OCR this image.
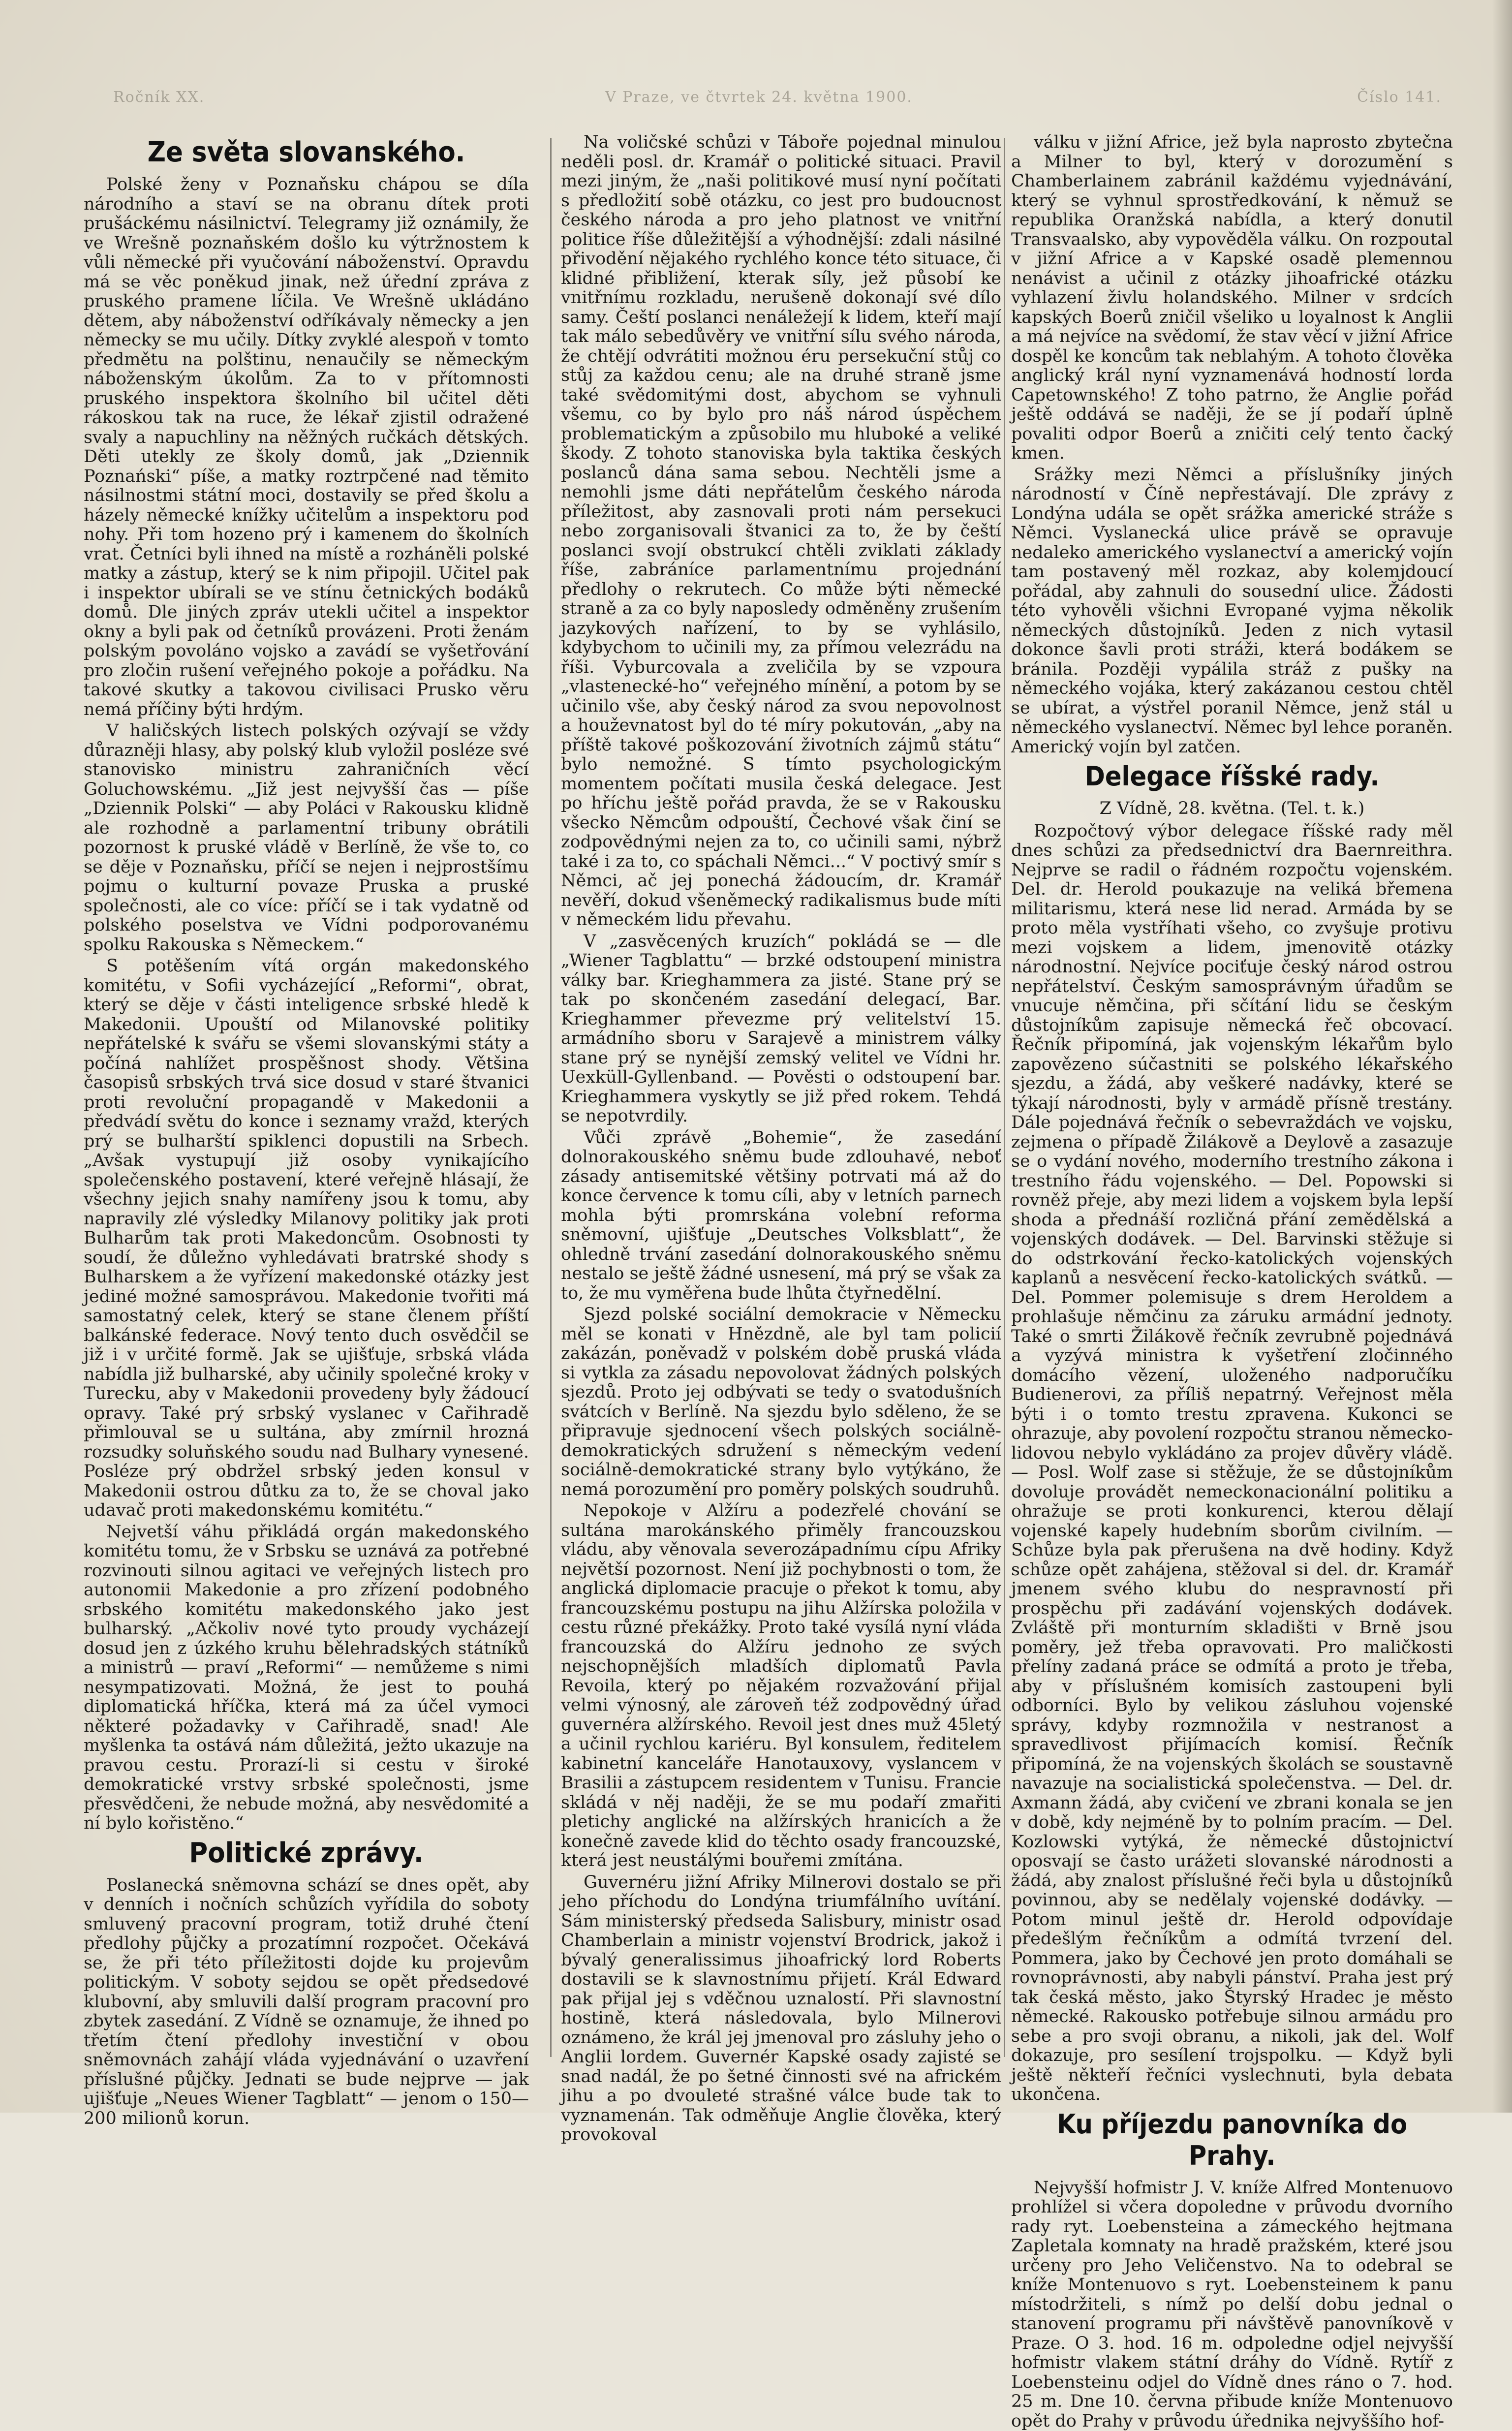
Ročník XX.	V Praze, ve čtvrtek 24. května 1900.	Číslo 141.
Ze světa slovanského.

Polské ženy v Poznaňsku chápou se díla národního a staví se na obranu dítek proti prušáckému násilnictví. Telegramy již oznámily, že ve Wrešně poznaňském došlo ku výtržnostem k vůli německé při vyučování náboženství. Opravdu má se věc poněkud jinak, než úřední zpráva z pruského pramene líčila. Ve Wrešně ukládáno dětem, aby náboženství odříkávaly německy a jen německy se mu učily. Dítky zvyklé alespoň v tomto předmětu na polštinu, nenaučily se německým náboženským úkolům. Za to v přítomnosti pruského inspektora školního bil učitel děti rákoskou tak na ruce, že lékař zjistil odražené svaly a napuchliny na něžných ručkách dětských. Děti utekly ze školy domů, jak „Dziennik Poznański“ píše, a matky roztrpčené nad těmito násilnostmi státní moci, dostavily se před školu a házely německé knížky učitelům a inspektoru pod nohy. Při tom hozeno prý i kamenem do školních vrat. Četníci byli ihned na místě a rozháněli polské matky a zástup, který se k nim připojil. Učitel pak i inspektor ubírali se ve stínu četnických bodáků domů. Dle jiných zpráv utekli učitel a inspektor okny a byli pak od četníků provázeni. Proti ženám polským povoláno vojsko a zavádí se vyšetřování pro zločin rušení veřejného pokoje a pořádku. Na takové skutky a takovou civilisaci Prusko věru nemá příčiny býti hrdým.

V haličských listech polských ozývají se vždy důrazněji hlasy, aby polský klub vyložil posléze své stanovisko ministru zahraničních věcí Goluchowskému. „Již jest nejvyšší čas — píše „Dziennik Polski“ — aby Poláci v Rakousku klidně ale rozhodně a parlamentní tribuny obrátili pozornost k pruské vládě v Berlíně, že vše to, co se děje v Poznaňsku, příčí se nejen i nejprostšímu pojmu o kulturní povaze Pruska a pruské společnosti, ale co více: příčí se i tak vydatně od polského poselstva ve Vídni podporovanému spolku Rakouska s Německem.“

S potěšením vítá orgán makedonského komitétu, v Sofii vycházející „Reformi“, obrat, který se děje v části inteligence srbské hledě k Makedonii. Upouští od Milanovské politiky nepřátelské k svářu se všemi slovanskými státy a počíná nahlížet prospěšnost shody. Většina časopisů srbských trvá sice dosud v staré štvanici proti revoluční propagandě v Makedonii a předvádí světu do konce i seznamy vražd, kterých prý se bulharští spiklenci dopustili na Srbech. „Avšak vystupují již osoby vynikajícího společenského postavení, které veřejně hlásají, že všechny jejich snahy namířeny jsou k tomu, aby napravily zlé výsledky Milanovy politiky jak proti Bulharům tak proti Makedoncům. Osobnosti ty soudí, že důležno vyhledávati bratrské shody s Bulharskem a že vyřízení makedonské otázky jest jediné možné samosprávou. Makedonie tvořiti má samostatný celek, který se stane členem příští balkánské federace. Nový tento duch osvědčil se již i v určité formě. Jak se ujišťuje, srbská vláda nabídla již bulharské, aby učinily společné kroky v Turecku, aby v Makedonii provedeny byly žádoucí opravy. Také prý srbský vyslanec v Cařihradě přimlouval se u sultána, aby zmírnil hrozná rozsudky soluňského soudu nad Bulhary vynesené. Posléze prý obdržel srbský jeden konsul v Makedonii ostrou důtku za to, že se choval jako udavač proti makedonskému komitétu.“

Nejvetší váhu přikládá orgán makedonského komitétu tomu, že v Srbsku se uznává za potřebné rozvinouti silnou agitaci ve veřejných listech pro autonomii Makedonie a pro zřízení podobného srbského komitétu makedonského jako jest bulharský. „Ačkoliv nové tyto proudy vycházejí dosud jen z úzkého kruhu bělehradských státníků a ministrů — praví „Reformi“ — nemůžeme s nimi nesympatizovati. Možná, že jest to pouhá diplomatická hříčka, která má za účel vymoci některé požadavky v Cařihradě, snad! Ale myšlenka ta ostává nám důležitá, ježto ukazuje na pravou cestu. Prorazí-li si cestu v široké demokratické vrstvy srbské společnosti, jsme přesvědčeni, že nebude možná, aby nesvědomité a ní bylo kořistěno.“

Politické zprávy.

Poslanecká sněmovna schází se dnes opět, aby v denních i nočních schůzích vyřídila do soboty smluvený pracovní program, totiž druhé čtení předlohy půjčky a prozatímní rozpočet. Očekává se, že při této příležitosti dojde ku projevům politickým. V soboty sejdou se opět předsedové klubovní, aby smluvili další program pracovní pro zbytek zasedání. Z Vídně se oznamuje, že ihned po třetím čtení předlohy investiční v obou sněmovnách zahájí vláda vyjednávání o uzavření příslušné půjčky. Jednati se bude nejprve — jak ujišťuje „Neues Wiener Tagblatt“ — jenom o 150—200 milionů korun.

Na voličské schůzi v Táboře pojednal minulou neděli posl. dr. Kramář o politické situaci. Pravil mezi jiným, že „naši politikové musí nyní počítati s předložití sobě otázku, co jest pro budoucnost českého národa a pro jeho platnost ve vnitřní politice říše důležitější a výhodnější: zdali násilné přivodění nějakého rychlého konce této situace, či klidné přibližení, kterak síly, jež působí ke vnitřnímu rozkladu, nerušeně dokonají své dílo samy. Čeští poslanci nenáležejí k lidem, kteří mají tak málo sebedůvěry ve vnitřní sílu svého národa, že chtějí odvrátiti možnou éru persekuční stůj co stůj za každou cenu; ale na druhé straně jsme také svědomitými dost, abychom se vyhnuli všemu, co by bylo pro náš národ úspěchem problematickým a způsobilo mu hluboké a veliké škody. Z tohoto stanoviska byla taktika českých poslanců dána sama sebou. Nechtěli jsme a nemohli jsme dáti nepřátelům českého národa příležitost, aby zasnovali proti nám persekuci nebo zorganisovali štvanici za to, že by čeští poslanci svojí obstrukcí chtěli zviklati základy říše, zabráníce parlamentnímu projednání předlohy o rekrutech. Co může býti německé straně a za co byly naposledy odměněny zrušením jazykových nařízení, to by se vyhlásilo, kdybychom to učinili my, za přímou velezrádu na říši. Vyburcovala a zveličila by se vzpoura „vlastenecké-ho“ veřejného mínění, a potom by se učinilo vše, aby český národ za svou nepovolnost a houževnatost byl do té míry pokutován, „aby na příště takové poškozování životních zájmů státu“ bylo nemožné. S tímto psychologickým momentem počítati musila česká delegace. Jest po hříchu ještě pořád pravda, že se v Rakousku všecko Němcům odpouští, Čechové však činí se zodpovědnými nejen za to, co učinili sami, nýbrž také i za to, co spáchali Němci...“ V poctivý smír s Němci, ač jej ponechá žádoucím, dr. Kramář nevěří, dokud všeněmecký radikalismus bude míti v německém lidu převahu.

V „zasvěcených kruzích“ pokládá se — dle „Wiener Tagblattu“ — brzké odstoupení ministra války bar. Krieghammera za jisté. Stane prý se tak po skončeném zasedání delegací, Bar. Krieghammer převezme prý velitelství 15. armádního sboru v Sarajevě a ministrem války stane prý se nynější zemský velitel ve Vídni hr. Uexküll-Gyllenband. — Pověsti o odstoupení bar. Krieghammera vyskytly se již před rokem. Tehdá se nepotvrdily.

Vůči zprávě „Bohemie“, že zasedání dolnorakouského sněmu bude zdlouhavé, neboť zásady antisemitské většiny potrvati má až do konce července k tomu cíli, aby v letních parnech mohla býti promrskána volební reforma sněmovní, ujišťuje „Deutsches Volksblatt“, že ohledně trvání zasedání dolnorakouského sněmu nestalo se ještě žádné usnesení, má prý se však za to, že mu vyměřena bude lhůta čtyřnedělní.

Sjezd polské sociální demokracie v Německu měl se konati v Hnězdně, ale byl tam policií zakázán, poněvadž v polském době pruská vláda si vytkla za zásadu nepovolovat žádných polských sjezdů. Proto jej odbývati se tedy o svatodušních svátcích v Berlíně. Na sjezdu bylo sděleno, že se připravuje sjednocení všech polských sociálně-demokratických sdružení s německým vedení sociálně-demokratické strany bylo vytýkáno, že nemá porozumění pro poměry polských soudruhů.

Nepokoje v Alžíru a podezřelé chování se sultána marokánského přiměly francouzskou vládu, aby věnovala severozápadnímu cípu Afriky největší pozornost. Není již pochybnosti o tom, že anglická diplomacie pracuje o překot k tomu, aby francouzskému postupu na jihu Alžírska položila v cestu různé překážky. Proto také vysílá nyní vláda francouzská do Alžíru jednoho ze svých nejschopnějších mladších diplomatů Pavla Revoila, který po nějakém rozvažování přijal velmi výnosný, ale zároveň též zodpovědný úřad guvernéra alžírského. Revoil jest dnes muž 45letý a učinil rychlou kariéru. Byl konsulem, ředitelem kabinetní kanceláře Hanotauxovy, vyslancem v Brasilii a zástupcem residentem v Tunisu. Francie skládá v něj naději, že se mu podaří zmařiti pletichy anglické na alžírských hranicích a že konečně zavede klid do těchto osady francouzské, která jest neustálými bouřemi zmítána.

Guvernéru jižní Afriky Milnerovi dostalo se při jeho příchodu do Londýna triumfálního uvítání. Sám ministerský předseda Salisbury, ministr osad Chamberlain a ministr vojenství Brodrick, jakož i bývalý generalissimus jihoafrický lord Roberts dostavili se k slavnostnímu přijetí. Král Edward pak přijal jej s vděčnou uznalostí. Při slavnostní hostině, která následovala, bylo Milnerovi oznámeno, že král jej jmenoval pro zásluhy jeho o Anglii lordem. Guvernér Kapské osady zajisté se snad nadál, že po šetné činnosti své na africkém jihu a po dvouleté strašné válce bude tak to vyznamenán. Tak odměňuje Anglie člověka, který provokoval

válku v jižní Africe, jež byla naprosto zbytečna a Milner to byl, který v dorozumění s Chamberlainem zabránil každému vyjednávání, který se vyhnul sprostředkování, k němuž se republika Oranžská nabídla, a který donutil Transvaalsko, aby vypověděla válku. On rozpoutal v jižní Africe a v Kapské osadě plemennou nenávist a učinil z otázky jihoafrické otázku vyhlazení živlu holandského. Milner v srdcích kapských Boerů zničil všeliko u loyalnost k Anglii a má nejvíce na svědomí, že stav věcí v jižní Africe dospěl ke koncům tak neblahým. A tohoto člověka anglický král nyní vyznamenává hodností lorda Capetownského! Z toho patrno, že Anglie pořád ještě oddává se naději, že se jí podaří úplně povaliti odpor Boerů a zničiti celý tento čacký kmen.

Srážky mezi Němci a příslušníky jiných národností v Číně nepřestávají. Dle zprávy z Londýna udála se opět srážka americké stráže s Němci. Vyslanecká ulice právě se opravuje nedaleko amerického vyslanectví a americký vojín tam postavený měl rozkaz, aby kolemjdoucí pořádal, aby zahnuli do sousední ulice. Žádosti této vyhověli všichni Evropané vyjma několik německých důstojníků. Jeden z nich vytasil dokonce šavli proti stráži, která bodákem se bránila. Později vypálila stráž z pušky na německého vojáka, který zakázanou cestou chtěl se ubírat, a výstřel poranil Němce, jenž stál u německého vyslanectví. Němec byl lehce poraněn. Americký vojín byl zatčen.

Delegace říšské rady.

Z Vídně, 28. května. (Tel. t. k.)

Rozpočtový výbor delegace říšské rady měl dnes schůzi za předsednictví dra Baernreithra. Nejprve se radil o řádném rozpočtu vojenském. Del. dr. Herold poukazuje na veliká břemena militarismu, která nese lid nerad. Armáda by se proto měla vystříhati všeho, co zvyšuje protivu mezi vojskem a lidem, jmenovitě otázky národnostní. Nejvíce pociťuje český národ ostrou nepřátelství. Českým samosprávným úřadům se vnucuje němčina, při sčítání lidu se českým důstojníkům zapisuje německá řeč obcovací. Řečník připomíná, jak vojenským lékařům bylo zapovězeno súčastniti se polského lékařského sjezdu, a žádá, aby veškeré nadávky, které se týkají národnosti, byly v armádě přísně trestány. Dále pojednává řečník o sebevraždách ve vojsku, zejmena o případě Žilákově a Deylově a zasazuje se o vydání nového, moderního trestního zákona i trestního řádu vojenského. — Del. Popowski si rovněž přeje, aby mezi lidem a vojskem byla lepší shoda a přednáší rozličná přání zemědělská a vojenských dodávek. — Del. Barvinski stěžuje si do odstrkování řecko-katolických vojenských kaplanů a nesvěcení řecko-katolických svátků. — Del. Pommer polemisuje s drem Heroldem a prohlašuje němčinu za záruku armádní jednoty. Také o smrti Žilákově řečník zevrubně pojednává a vyzývá ministra k vyšetření zločinného domácího vězení, uloženého nadporučíku Budienerovi, za příliš nepatrný. Veřejnost měla býti i o tomto trestu zpravena. Kukonci se ohrazuje, aby povolení rozpočtu stranou německo-lidovou nebylo vykládáno za projev důvěry vládě. — Posl. Wolf zase si stěžuje, že se důstojníkům dovoluje provádět nemeckonacionální politiku a ohražuje se proti konkurenci, kterou dělají vojenské kapely hudebním sborům civilním. — Schůze byla pak přerušena na dvě hodiny. Když schůze opět zahájena, stěžoval si del. dr. Kramář jmenem svého klubu do nespravností při prospěchu při zadávání vojenských dodávek. Zvláště při monturním skladišti v Brně jsou poměry, jež třeba opravovati. Pro maličkosti přelíny zadaná práce se odmítá a proto je třeba, aby v příslušném komisích zastoupeni byli odborníci. Bylo by velikou zásluhou vojenské správy, kdyby rozmnožila v nestranost a spravedlivost přijímacích komisí. Řečník připomíná, že na vojenských školách se soustavně navazuje na socialistická společenstva. — Del. dr. Axmann žádá, aby cvičení ve zbrani konala se jen v době, kdy nejméně by to polním pracím. — Del. Kozlowski vytýká, že německé důstojnictví oposvají se často urážeti slovanské národnosti a žádá, aby znalost příslušné řeči byla u důstojníků povinnou, aby se nedělaly vojenské dodávky. — Potom minul ještě dr. Herold odpovídaje předešlým řečníkům a odmítá tvrzení del. Pommera, jako by Čechové jen proto domáhali se rovnoprávnosti, aby nabyli pánství. Praha jest prý tak česká město, jako Štyrský Hradec je město německé. Rakousko potřebuje silnou armádu pro sebe a pro svoji obranu, a nikoli, jak del. Wolf dokazuje, pro sesílení trojspolku. — Když byli ještě někteří řečníci vyslechnuti, byla debata ukončena.

Ku příjezdu panovníka do Prahy.

Nejvyšší hofmistr J. V. kníže Alfred Montenuovo prohlížel si včera dopoledne v průvodu dvorního rady ryt. Loebensteina a zámeckého hejtmana Zapletala komnaty na hradě pražském, které jsou určeny pro Jeho Veličenstvo. Na to odebral se kníže Montenuovo s ryt. Loebensteinem k panu místodržiteli, s nímž po delší dobu jednal o stanovení programu při návštěvě panovníkově v Praze. O 3. hod. 16 m. odpoledne odjel nejvyšší hofmistr vlakem státní dráhy do Vídně. Rytíř z Loebensteinu odjel do Vídně dnes ráno o 7. hod. 25 m. Dne 10. června přibude kníže Montenuovo opět do Prahy v průvodu úřednika nejvyššího hof-
